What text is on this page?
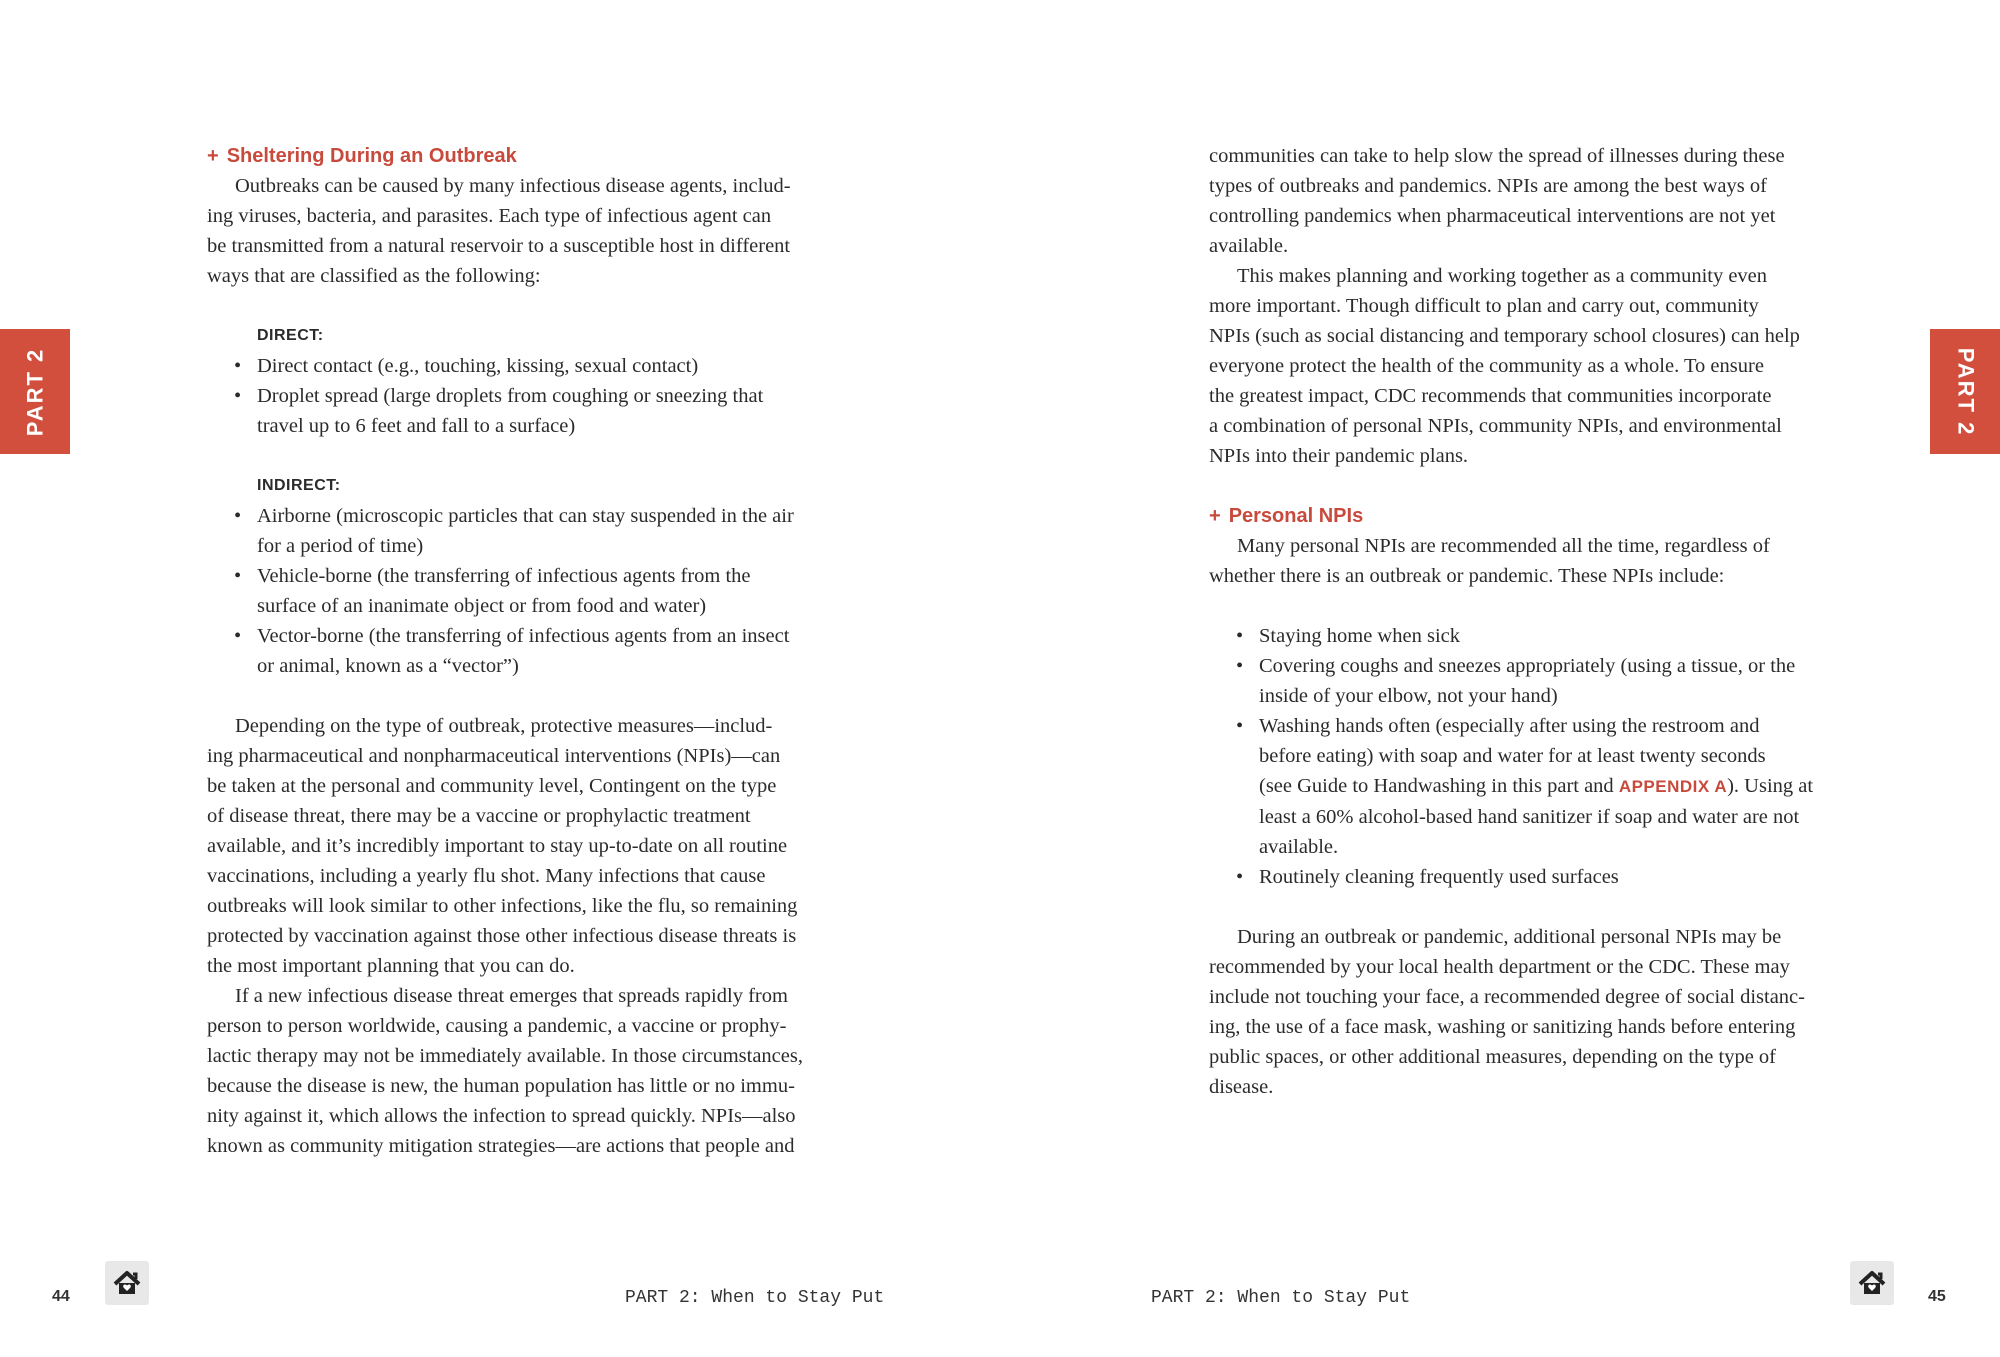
PART 2
+ Sheltering During an Outbreak

Outbreaks can be caused by many infectious disease agents, includ-
ing viruses, bacteria, and parasites. Each type of infectious agent can
be transmitted from a natural reservoir to a susceptible host in different
ways that are classified as the following:

DIRECT:
• Direct contact (e.g., touching, kissing, sexual contact)
• Droplet spread (large droplets from coughing or sneezing that
travel up to 6 feet and fall to a surface)
INDIRECT:
• Airborne (microscopic particles that can stay suspended in the air
for a period of time)
• Vehicle-borne (the transferring of infectious agents from the
surface of an inanimate object or from food and water)
• Vector-borne (the transferring of infectious agents from an insect
or animal, known as a “vector”)

Depending on the type of outbreak, protective measures—includ-
ing pharmaceutical and nonpharmaceutical interventions (NPIs)—can
be taken at the personal and community level, Contingent on the type
of disease threat, there may be a vaccine or prophylactic treatment
available, and it’s incredibly important to stay up-to-date on all routine
vaccinations, including a yearly flu shot. Many infections that cause
outbreaks will look similar to other infections, like the flu, so remaining
protected by vaccination against those other infectious disease threats is
the most important planning that you can do.

If a new infectious disease threat emerges that spreads rapidly from
person to person worldwide, causing a pandemic, a vaccine or prophy-
lactic therapy may not be immediately available. In those circumstances,
because the disease is new, the human population has little or no immu-
nity against it, which allows the infection to spread quickly. NPIs—also
known as community mitigation strategies—are actions that people and

44	PART 2: When to Stay Put

communities can take to help slow the spread of illnesses during these
types of outbreaks and pandemics. NPIs are among the best ways of
controlling pandemics when pharmaceutical interventions are not yet
available.

This makes planning and working together as a community even
more important. Though difficult to plan and carry out, community
NPIs (such as social distancing and temporary school closures) can help
everyone protect the health of the community as a whole. To ensure
the greatest impact, CDC recommends that communities incorporate
a combination of personal NPIs, community NPIs, and environmental
NPIs into their pandemic plans.

+ Personal NPIs

Many personal NPIs are recommended all the time, regardless of
whether there is an outbreak or pandemic. These NPIs include:

• Staying home when sick
• Covering coughs and sneezes appropriately (using a tissue, or the
inside of your elbow, not your hand)
• Washing hands often (especially after using the restroom and
before eating) with soap and water for at least twenty seconds
(see Guide to Handwashing in this part and APPENDIX A). Using at
least a 60% alcohol-based hand sanitizer if soap and water are not
available.
• Routinely cleaning frequently used surfaces

During an outbreak or pandemic, additional personal NPIs may be
recommended by your local health department or the CDC. These may
include not touching your face, a recommended degree of social distanc-
ing, the use of a face mask, washing or sanitizing hands before entering
public spaces, or other additional measures, depending on the type of
disease.

PART 2
PART 2: When to Stay Put	45
